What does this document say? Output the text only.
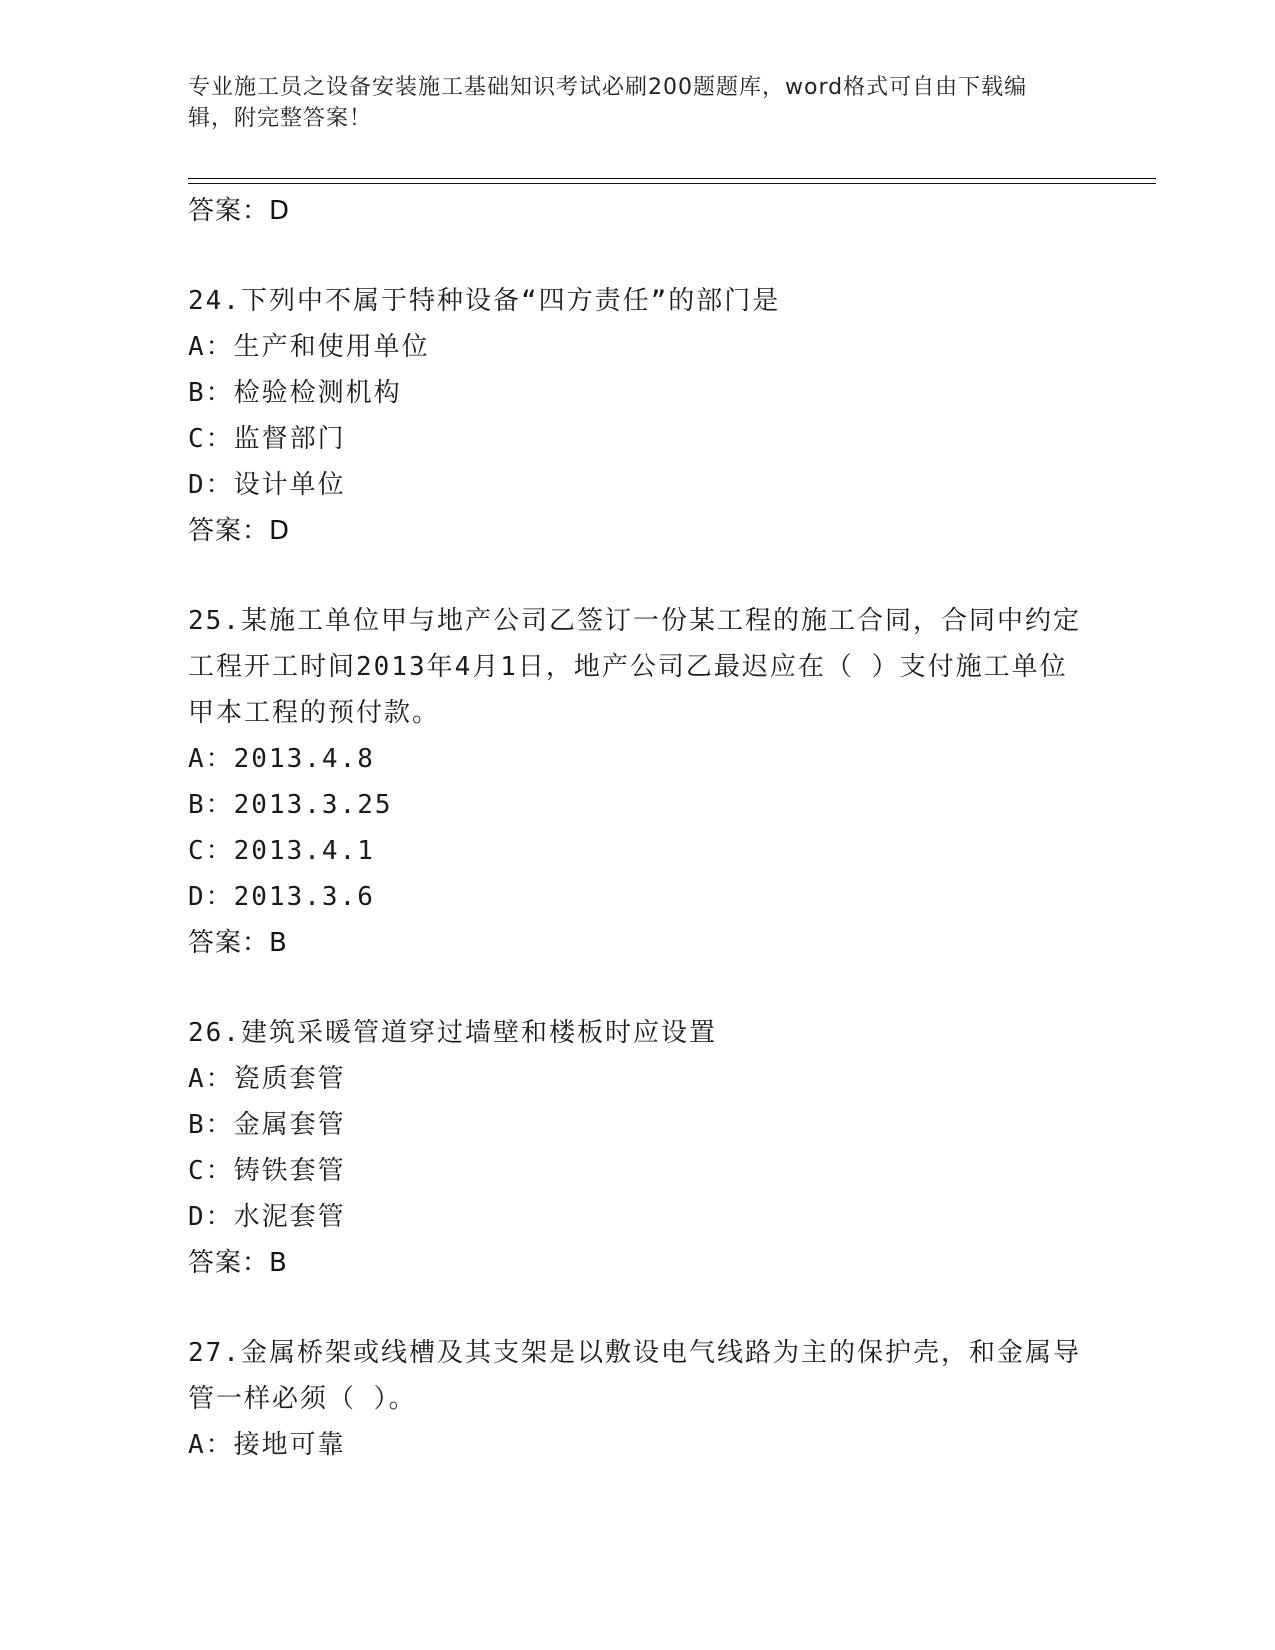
专业施工员之设备安装施工基础知识考试必刷200题题库，word格式可自由下载编辑，附完整答案！
答案：D
24.下列中不属于特种设备“四方责任”的部门是
A：生产和使用单位
B：检验检测机构
C：监督部门
D：设计单位
答案：D
25.某施工单位甲与地产公司乙签订一份某工程的施工合同，合同中约定工程开工时间2013年4月1日，地产公司乙最迟应在（ ）支付施工单位甲本工程的预付款。
A：2013.4.8
B：2013.3.25
C：2013.4.1
D：2013.3.6
答案：B
26.建筑采暖管道穿过墙壁和楼板时应设置
A：瓷质套管
B：金属套管
C：铸铁套管
D：水泥套管
答案：B
27.金属桥架或线槽及其支架是以敷设电气线路为主的保护壳，和金属导管一样必须（ ）。
A：接地可靠
